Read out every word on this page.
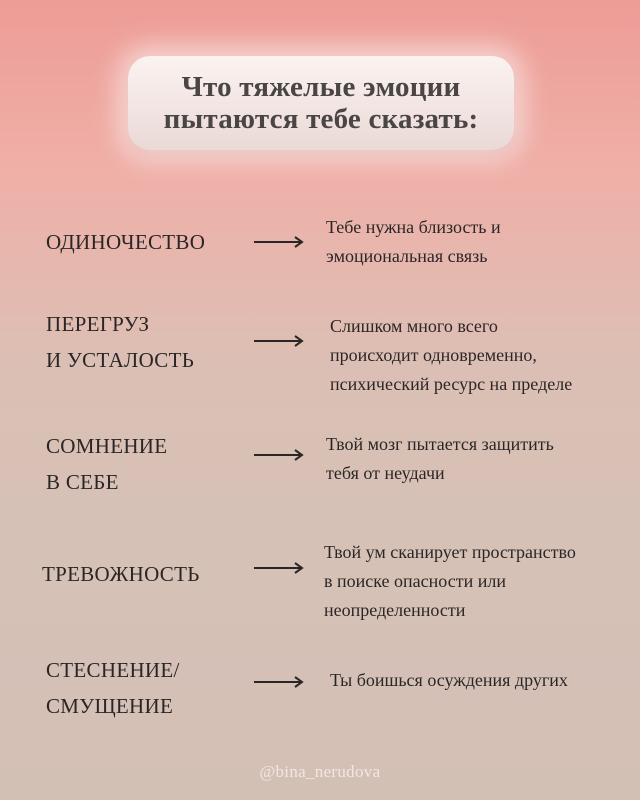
Что тяжелые эмоции
пытаются тебе сказать:
ОДИНОЧЕСТВО
Тебе нужна близость и
эмоциональная связь
ПЕРЕГРУЗ
И УСТАЛОСТЬ
Слишком много всего
происходит одновременно,
психический ресурс на пределе
СОМНЕНИЕ
В СЕБЕ
Твой мозг пытается защитить
тебя от неудачи
ТРЕВОЖНОСТЬ
Твой ум сканирует пространство
в поиске опасности или
неопределенности
СТЕСНЕНИЕ/
СМУЩЕНИЕ
Ты боишься осуждения других
@bina_nerudova
